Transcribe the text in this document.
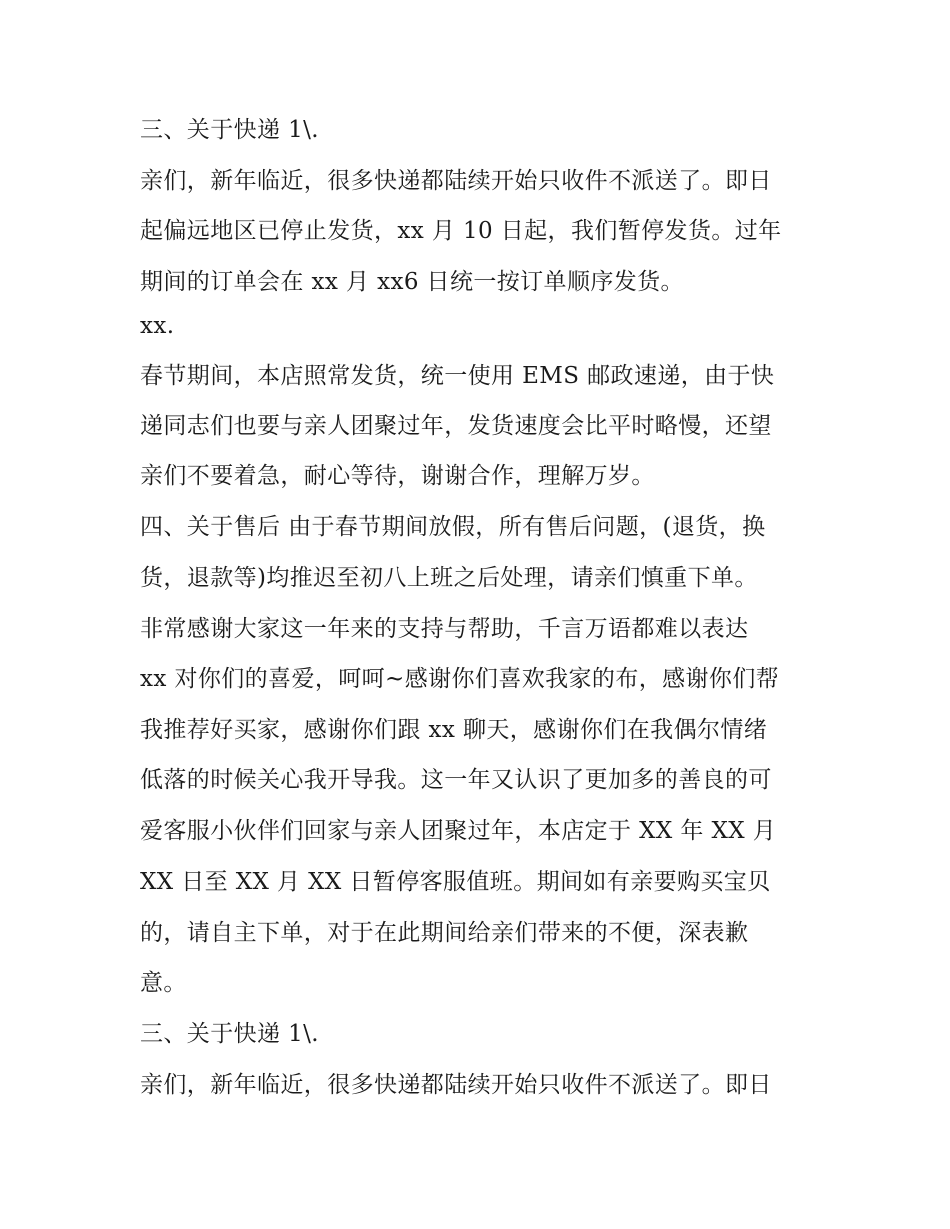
三、关于快递 1\.
亲们，新年临近，很多快递都陆续开始只收件不派送了。即日
起偏远地区已停止发货，xx 月 10 日起，我们暂停发货。过年
期间的订单会在 xx 月 xx6 日统一按订单顺序发货。
xx.
春节期间，本店照常发货，统一使用 EMS 邮政速递，由于快
递同志们也要与亲人团聚过年，发货速度会比平时略慢，还望
亲们不要着急，耐心等待，谢谢合作，理解万岁。
四、关于售后 由于春节期间放假，所有售后问题，(退货，换
货，退款等)均推迟至初八上班之后处理，请亲们慎重下单。
非常感谢大家这一年来的支持与帮助，千言万语都难以表达
xx 对你们的喜爱，呵呵~感谢你们喜欢我家的布，感谢你们帮
我推荐好买家，感谢你们跟 xx 聊天，感谢你们在我偶尔情绪
低落的时候关心我开导我。这一年又认识了更加多的善良的可
爱客服小伙伴们回家与亲人团聚过年，本店定于 XX 年 XX 月
XX 日至 XX 月 XX 日暂停客服值班。期间如有亲要购买宝贝
的，请自主下单，对于在此期间给亲们带来的不便，深表歉
意。
三、关于快递 1\.
亲们，新年临近，很多快递都陆续开始只收件不派送了。即日
